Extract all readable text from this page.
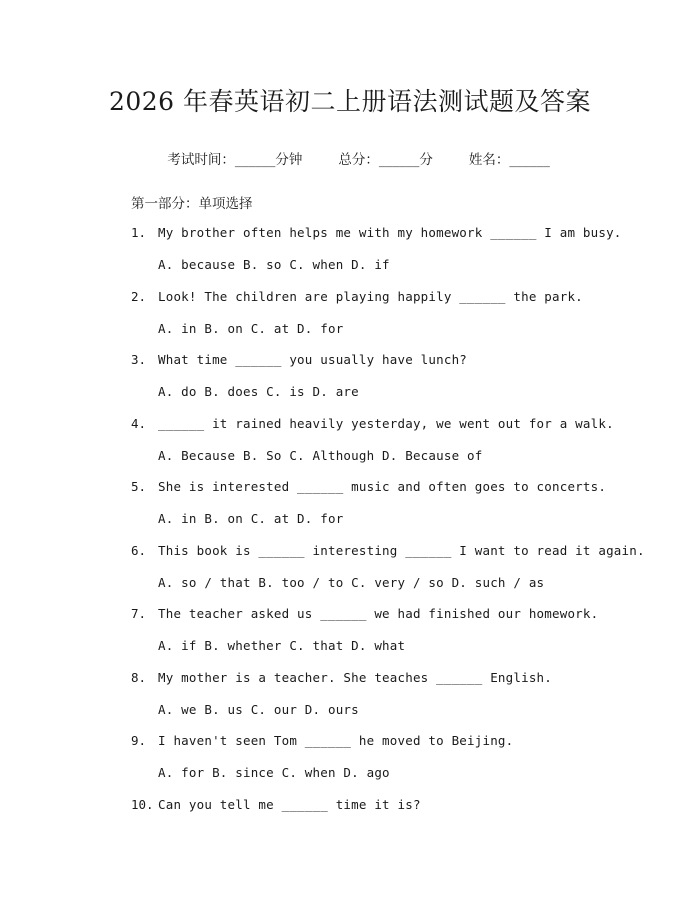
2026 年春英语初二上册语法测试题及答案

考试时间：______分钟	总分：______分	姓名：______

第一部分：单项选择
1. My brother often helps me with my homework ______ I am busy.
A. because B. so C. when D. if
2. Look! The children are playing happily ______ the park.
A. in B. on C. at D. for
3. What time ______ you usually have lunch?
A. do B. does C. is D. are
4. ______ it rained heavily yesterday, we went out for a walk.
A. Because B. So C. Although D. Because of
5. She is interested ______ music and often goes to concerts.
A. in B. on C. at D. for
6. This book is ______ interesting ______ I want to read it again.
A. so / that B. too / to C. very / so D. such / as
7. The teacher asked us ______ we had finished our homework.
A. if B. whether C. that D. what
8. My mother is a teacher. She teaches ______ English.
A. we B. us C. our D. ours
9. I haven't seen Tom ______ he moved to Beijing.
A. for B. since C. when D. ago
10. Can you tell me ______ time it is?
